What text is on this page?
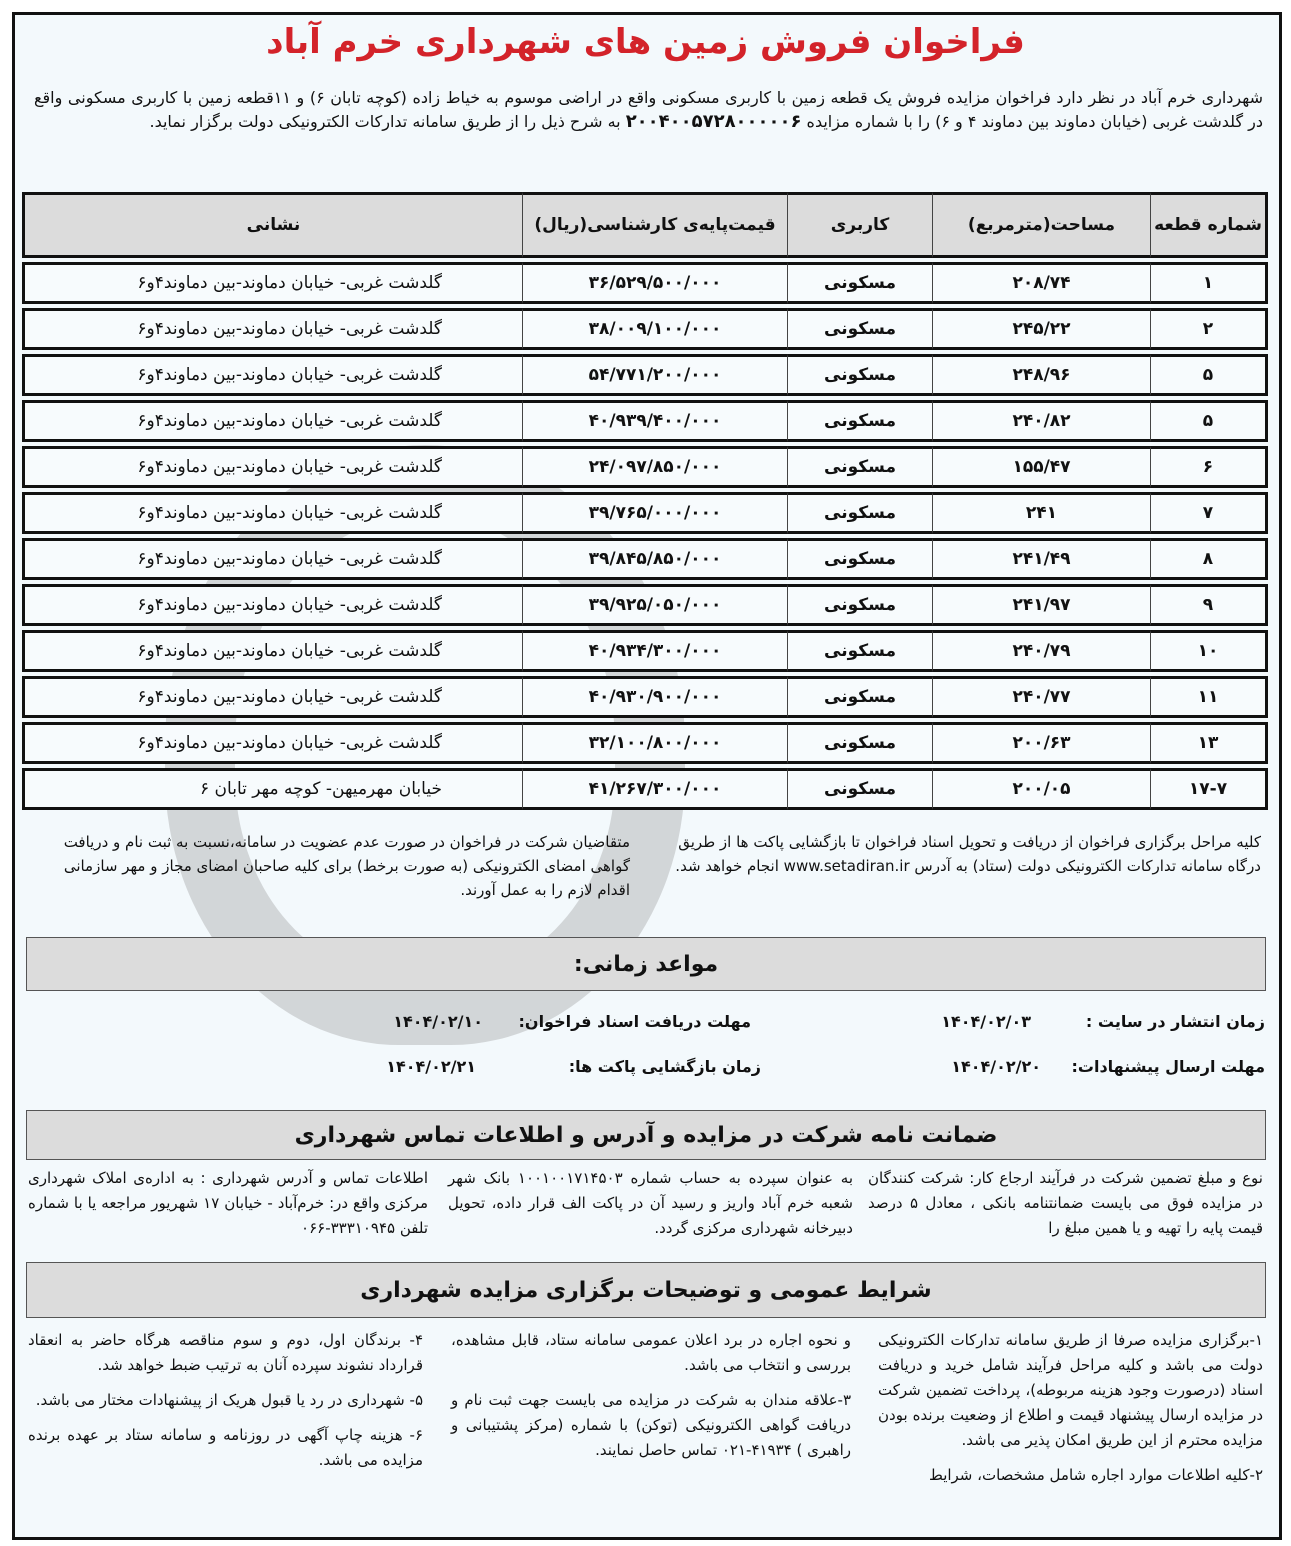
فراخوان فروش زمین های شهرداری خرم آباد
شهرداری خرم آباد در نظر دارد فراخوان مزایده فروش یک قطعه زمین با کاربری مسکونی واقع در اراضی موسوم به خیاط زاده (کوچه تابان ۶) و ۱۱قطعه زمین با کاربری مسکونی واقع در گلدشت غربی (خیابان دماوند بین دماوند ۴ و ۶) را با شماره مزایده ۲۰۰۴۰۰۵۷۲۸۰۰۰۰۰۶ به شرح ذیل را از طریق سامانه تدارکات الکترونیکی دولت برگزار نماید.
شماره قطعه	مساحت(مترمربع)	کاربری	قیمت‌پایه‌ی کارشناسی(ریال)	نشانی
۱	۲۰۸/۷۴	مسکونی	۳۶/۵۲۹/۵۰۰/۰۰۰	گلدشت غربی- خیابان دماوند-بین دماوند۴و۶
۲	۲۴۵/۲۲	مسکونی	۳۸/۰۰۹/۱۰۰/۰۰۰	گلدشت غربی- خیابان دماوند-بین دماوند۴و۶
۵	۲۴۸/۹۶	مسکونی	۵۴/۷۷۱/۲۰۰/۰۰۰	گلدشت غربی- خیابان دماوند-بین دماوند۴و۶
۵	۲۴۰/۸۲	مسکونی	۴۰/۹۳۹/۴۰۰/۰۰۰	گلدشت غربی- خیابان دماوند-بین دماوند۴و۶
۶	۱۵۵/۴۷	مسکونی	۲۴/۰۹۷/۸۵۰/۰۰۰	گلدشت غربی- خیابان دماوند-بین دماوند۴و۶
۷	۲۴۱	مسکونی	۳۹/۷۶۵/۰۰۰/۰۰۰	گلدشت غربی- خیابان دماوند-بین دماوند۴و۶
۸	۲۴۱/۴۹	مسکونی	۳۹/۸۴۵/۸۵۰/۰۰۰	گلدشت غربی- خیابان دماوند-بین دماوند۴و۶
۹	۲۴۱/۹۷	مسکونی	۳۹/۹۲۵/۰۵۰/۰۰۰	گلدشت غربی- خیابان دماوند-بین دماوند۴و۶
۱۰	۲۴۰/۷۹	مسکونی	۴۰/۹۳۴/۳۰۰/۰۰۰	گلدشت غربی- خیابان دماوند-بین دماوند۴و۶
۱۱	۲۴۰/۷۷	مسکونی	۴۰/۹۳۰/۹۰۰/۰۰۰	گلدشت غربی- خیابان دماوند-بین دماوند۴و۶
۱۳	۲۰۰/۶۳	مسکونی	۳۲/۱۰۰/۸۰۰/۰۰۰	گلدشت غربی- خیابان دماوند-بین دماوند۴و۶
۱۷-۷	۲۰۰/۰۵	مسکونی	۴۱/۲۶۷/۳۰۰/۰۰۰	خیابان مهرمیهن- کوچه مهر تابان ۶
کلیه مراحل برگزاری فراخوان از دریافت و تحویل اسناد فراخوان تا بازگشایی پاکت ها از طریق درگاه سامانه تدارکات الکترونیکی دولت (ستاد) به آدرس www.setadiran.ir انجام خواهد شد.
متقاضیان شرکت در فراخوان در صورت عدم عضویت در سامانه،نسبت به ثبت نام و دریافت گواهی امضای الکترونیکی (به صورت برخط) برای کلیه صاحبان امضای مجاز و مهر سازمانی اقدام لازم را به عمل آورند.
مواعد زمانی:
زمان انتشار در سایت :
۱۴۰۴/۰۲/۰۳
مهلت دریافت اسناد فراخوان:
۱۴۰۴/۰۲/۱۰
مهلت ارسال پیشنهادات:
۱۴۰۴/۰۲/۲۰
زمان بازگشایی پاکت ها:
۱۴۰۴/۰۲/۲۱
ضمانت نامه شرکت در مزایده و آدرس و اطلاعات تماس شهرداری
نوع و مبلغ تضمین شرکت در فرآیند ارجاع کار: شرکت کنندگان در مزایده فوق می بایست ضمانتنامه بانکی ، معادل ۵ درصد قیمت پایه را تهیه و یا همین مبلغ را
به عنوان سپرده به حساب شماره ۱۰۰۱۰۰۱۷۱۴۵۰۳ بانک شهر شعبه خرم آباد واریز و رسید آن در پاکت الف قرار داده، تحویل دبیرخانه شهرداری مرکزی گردد.
اطلاعات تماس و آدرس شهرداری : به اداره‌ی املاک شهرداری مرکزی واقع در: خرم‌آباد - خیابان ۱۷ شهریور مراجعه یا با شماره تلفن ۳۳۳۱۰۹۴۵-۰۶۶
شرایط عمومی و توضیحات برگزاری مزایده شهرداری

۱-برگزاری مزایده صرفا از طریق سامانه تدارکات الکترونیکی دولت می باشد و کلیه مراحل فرآیند شامل خرید و دریافت اسناد (درصورت وجود هزینه مربوطه)، پرداخت تضمین شرکت در مزایده ارسال پیشنهاد قیمت و اطلاع از وضعیت برنده بودن مزایده محترم از این طریق امکان پذیر می باشد.

۲-کلیه اطلاعات موارد اجاره شامل مشخصات، شرایط

و نحوه اجاره در برد اعلان عمومی سامانه ستاد، قابل مشاهده، بررسی و انتخاب می باشد.

۳-علاقه مندان به شرکت در مزایده می بایست جهت ثبت نام و دریافت گواهی الکترونیکی (توکن) با شماره (مرکز پشتیبانی و راهبری ) ۴۱۹۳۴-۰۲۱ تماس حاصل نمایند.

۴- برندگان اول، دوم و سوم مناقصه هرگاه حاضر به انعقاد قرارداد نشوند سپرده آنان به ترتیب ضبط خواهد شد.

۵- شهرداری در رد یا قبول هریک از پیشنهادات مختار می باشد.

۶- هزینه چاپ آگهی در روزنامه و سامانه ستاد بر عهده برنده مزایده می باشد.
